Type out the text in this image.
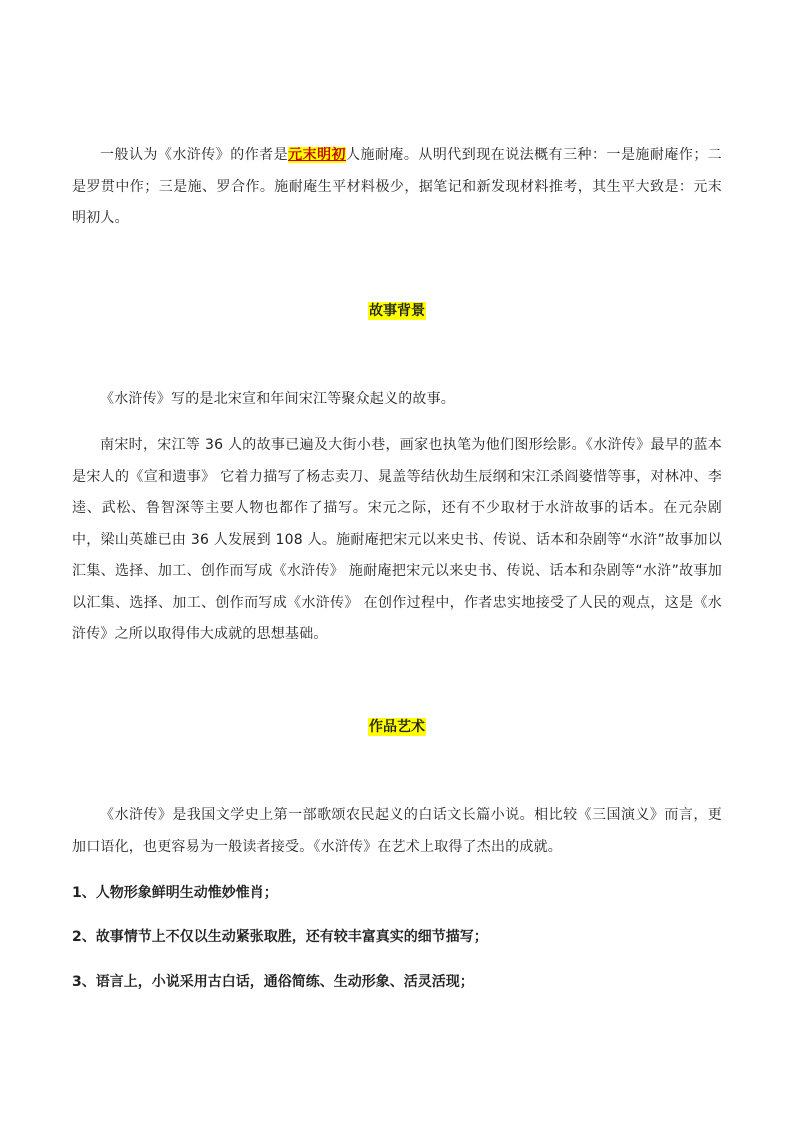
一般认为《水浒传》的作者是元末明初人施耐庵。从明代到现在说法概有三种：一是施耐庵作；二是罗贯中作；三是施、罗合作。施耐庵生平材料极少，据笔记和新发现材料推考，其生平大致是：元末明初人。

故事背景

《水浒传》写的是北宋宣和年间宋江等聚众起义的故事。

南宋时，宋江等 36 人的故事已遍及大街小巷，画家也执笔为他们图形绘影。《水浒传》最早的蓝本是宋人的《宣和遗事》 它着力描写了杨志卖刀、晁盖等结伙劫生辰纲和宋江杀阎婆惜等事，对林冲、李逵、武松、鲁智深等主要人物也都作了描写。宋元之际，还有不少取材于水浒故事的话本。在元杂剧中，梁山英雄已由 36 人发展到 108 人。施耐庵把宋元以来史书、传说、话本和杂剧等“水浒”故事加以汇集、选择、加工、创作而写成《水浒传》 施耐庵把宋元以来史书、传说、话本和杂剧等“水浒”故事加以汇集、选择、加工、创作而写成《水浒传》 在创作过程中，作者忠实地接受了人民的观点，这是《水浒传》之所以取得伟大成就的思想基础。

作品艺术

《水浒传》是我国文学史上第一部歌颂农民起义的白话文长篇小说。相比较《三国演义》而言，更加口语化，也更容易为一般读者接受。《水浒传》在艺术上取得了杰出的成就。

1、人物形象鲜明生动惟妙惟肖；

2、故事情节上不仅以生动紧张取胜，还有较丰富真实的细节描写；

3、语言上，小说采用古白话，通俗简练、生动形象、活灵活现；
